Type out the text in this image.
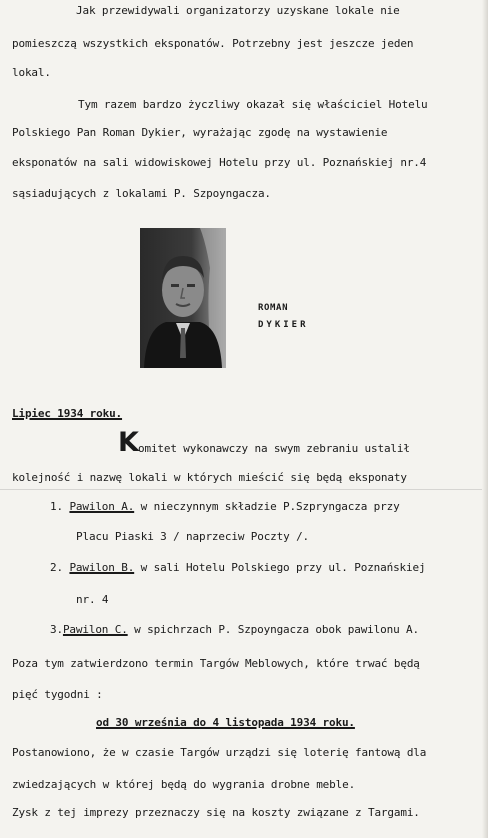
Jak przewidywali organizatorzy uzyskane lokale nie
pomieszczą wszystkich eksponatów. Potrzebny jest jeszcze jeden
lokal.
Tym razem bardzo życzliwy okazał się właściciel Hotelu
Polskiego Pan Roman Dykier, wyrażając zgodę na wystawienie
eksponatów na sali widowiskowej Hotelu przy ul. Poznańskiej nr.4
sąsiadujących z lokalami P. Szpoyngacza.
ROMAN
DYKIER
Lipiec 1934 roku.
K omitet wykonawczy na swym zebraniu ustalił
kolejność i nazwę lokali w których mieścić się będą eksponaty
1. Pawilon A. w nieczynnym składzie P.Szpryngacza przy
Placu Piaski 3 / naprzeciw Poczty /.
2. Pawilon B. w sali Hotelu Polskiego przy ul. Poznańskiej
nr. 4
3.Pawilon C. w spichrzach P. Szpoyngacza obok pawilonu A.
Poza tym zatwierdzono termin Targów Meblowych, które trwać będą
pięć tygodni :
od 30 września do 4 listopada 1934 roku.
Postanowiono, że w czasie Targów urządzi się loterię fantową dla
zwiedzających w której będą do wygrania drobne meble.
Zysk z tej imprezy przeznaczy się na koszty związane z Targami.
